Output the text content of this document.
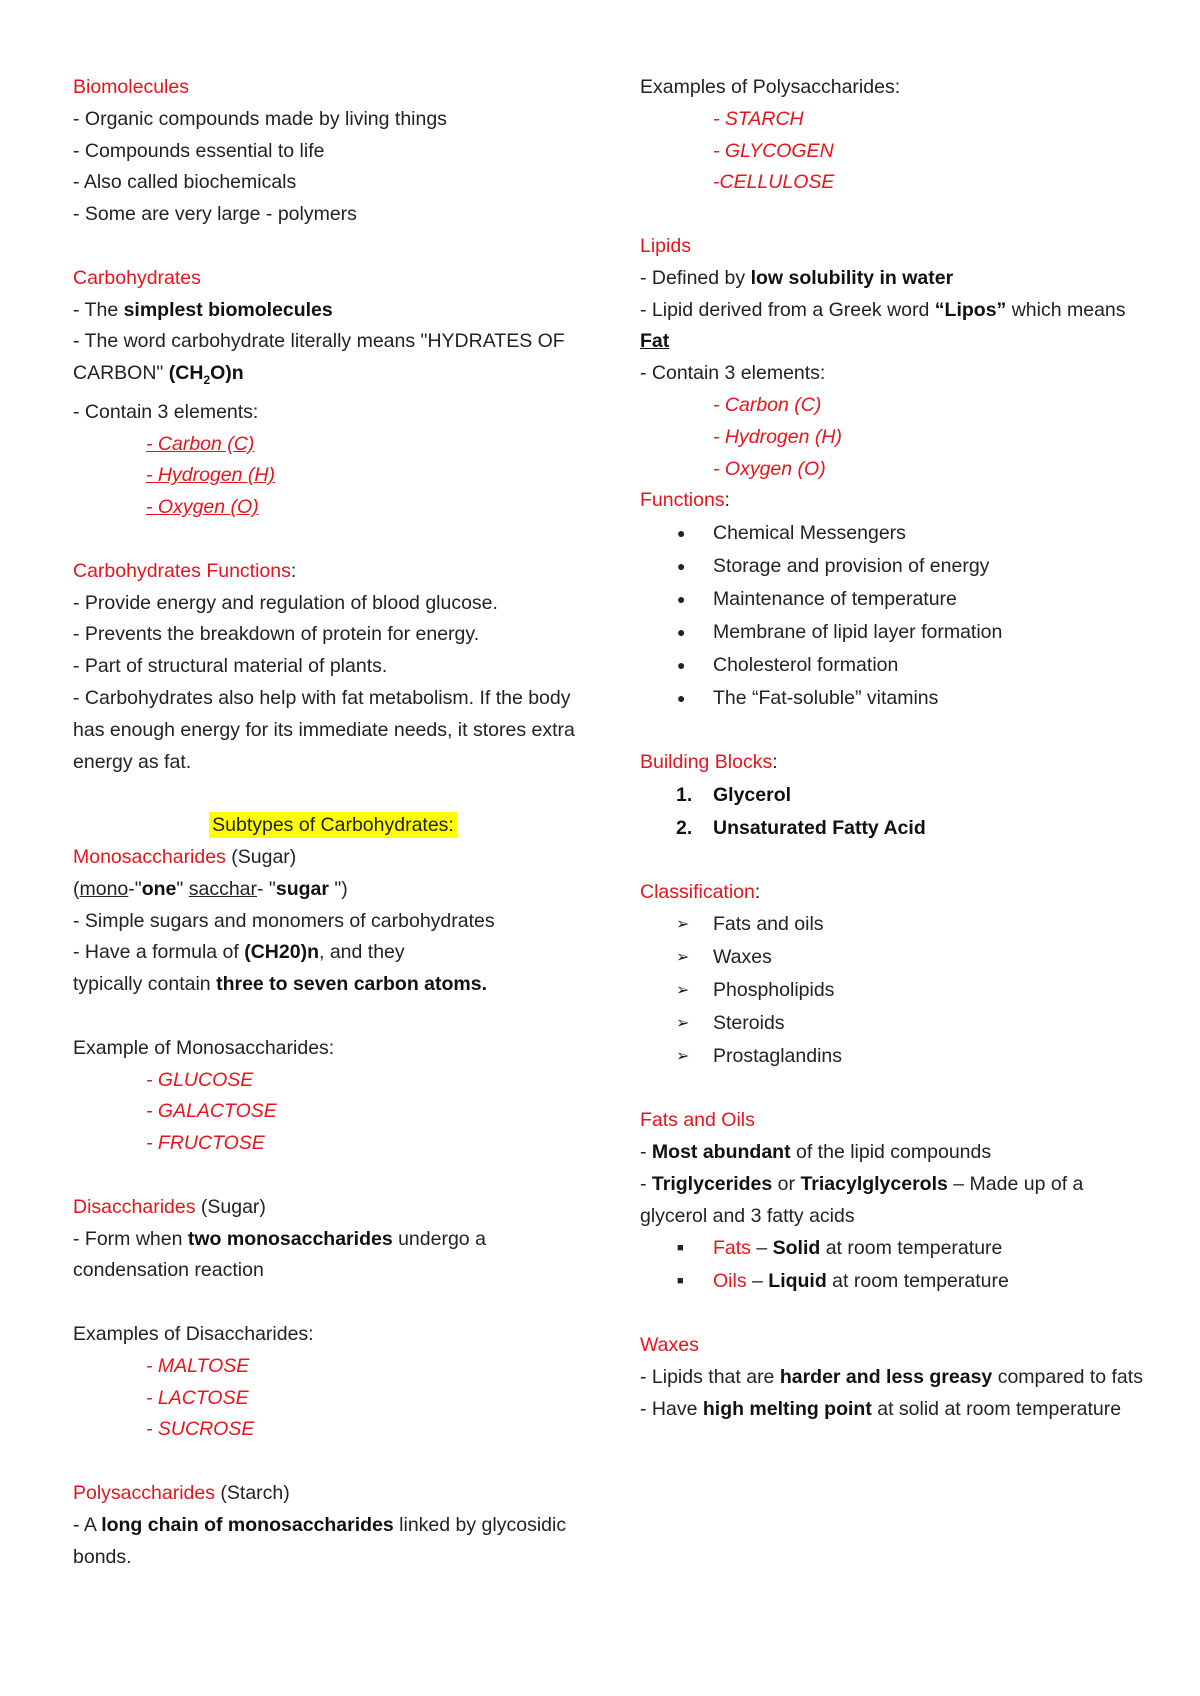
Biomolecules
- Organic compounds made by living things
- Compounds essential to life
- Also called biochemicals
- Some are very large - polymers
Carbohydrates
- The simplest biomolecules
- The word carbohydrate literally means "HYDRATES OF CARBON" $(CH_2O)n$
- Contain 3 elements:
- Carbon (C)
- Hydrogen (H)
- Oxygen (O)
Carbohydrates Functions:
- Provide energy and regulation of blood glucose.
- Prevents the breakdown of protein for energy.
- Part of structural material of plants.
- Carbohydrates also help with fat metabolism. If the body has enough energy for its immediate needs, it stores extra energy as fat.
Subtypes of Carbohydrates:
Monosaccharides (Sugar)
(mono-"one" sacchar- "sugar ")
- Simple sugars and monomers of carbohydrates
- Have a formula of (CH20)n, and they
typically contain three to seven carbon atoms.
Example of Monosaccharides:
- GLUCOSE
- GALACTOSE
- FRUCTOSE
Disaccharides (Sugar)
- Form when two monosaccharides undergo a condensation reaction
Examples of Disaccharides:
- MALTOSE
- LACTOSE
- SUCROSE
Polysaccharides (Starch)
- A long chain of monosaccharides linked by glycosidic bonds.
Examples of Polysaccharides:
- STARCH
- GLYCOGEN
-CELLULOSE
Lipids
- Defined by low solubility in water
- Lipid derived from a Greek word “Lipos” which means Fat
- Contain 3 elements:
- Carbon (C)
- Hydrogen (H)
- Oxygen (O)
Functions:
●	Chemical Messengers
●	Storage and provision of energy
●	Maintenance of temperature
●	Membrane of lipid layer formation
●	Cholesterol formation
●	The “Fat-soluble” vitamins
Building Blocks:
1.	Glycerol
2.	Unsaturated Fatty Acid
Classification:
➢	Fats and oils
➢	Waxes
➢	Phospholipids
➢	Steroids
➢	Prostaglandins
Fats and Oils
- Most abundant of the lipid compounds
- Triglycerides or Triacylglycerols – Made up of a glycerol and 3 fatty acids
■	Fats – Solid at room temperature
■	Oils – Liquid at room temperature
Waxes
- Lipids that are harder and less greasy compared to fats
- Have high melting point at solid at room temperature
